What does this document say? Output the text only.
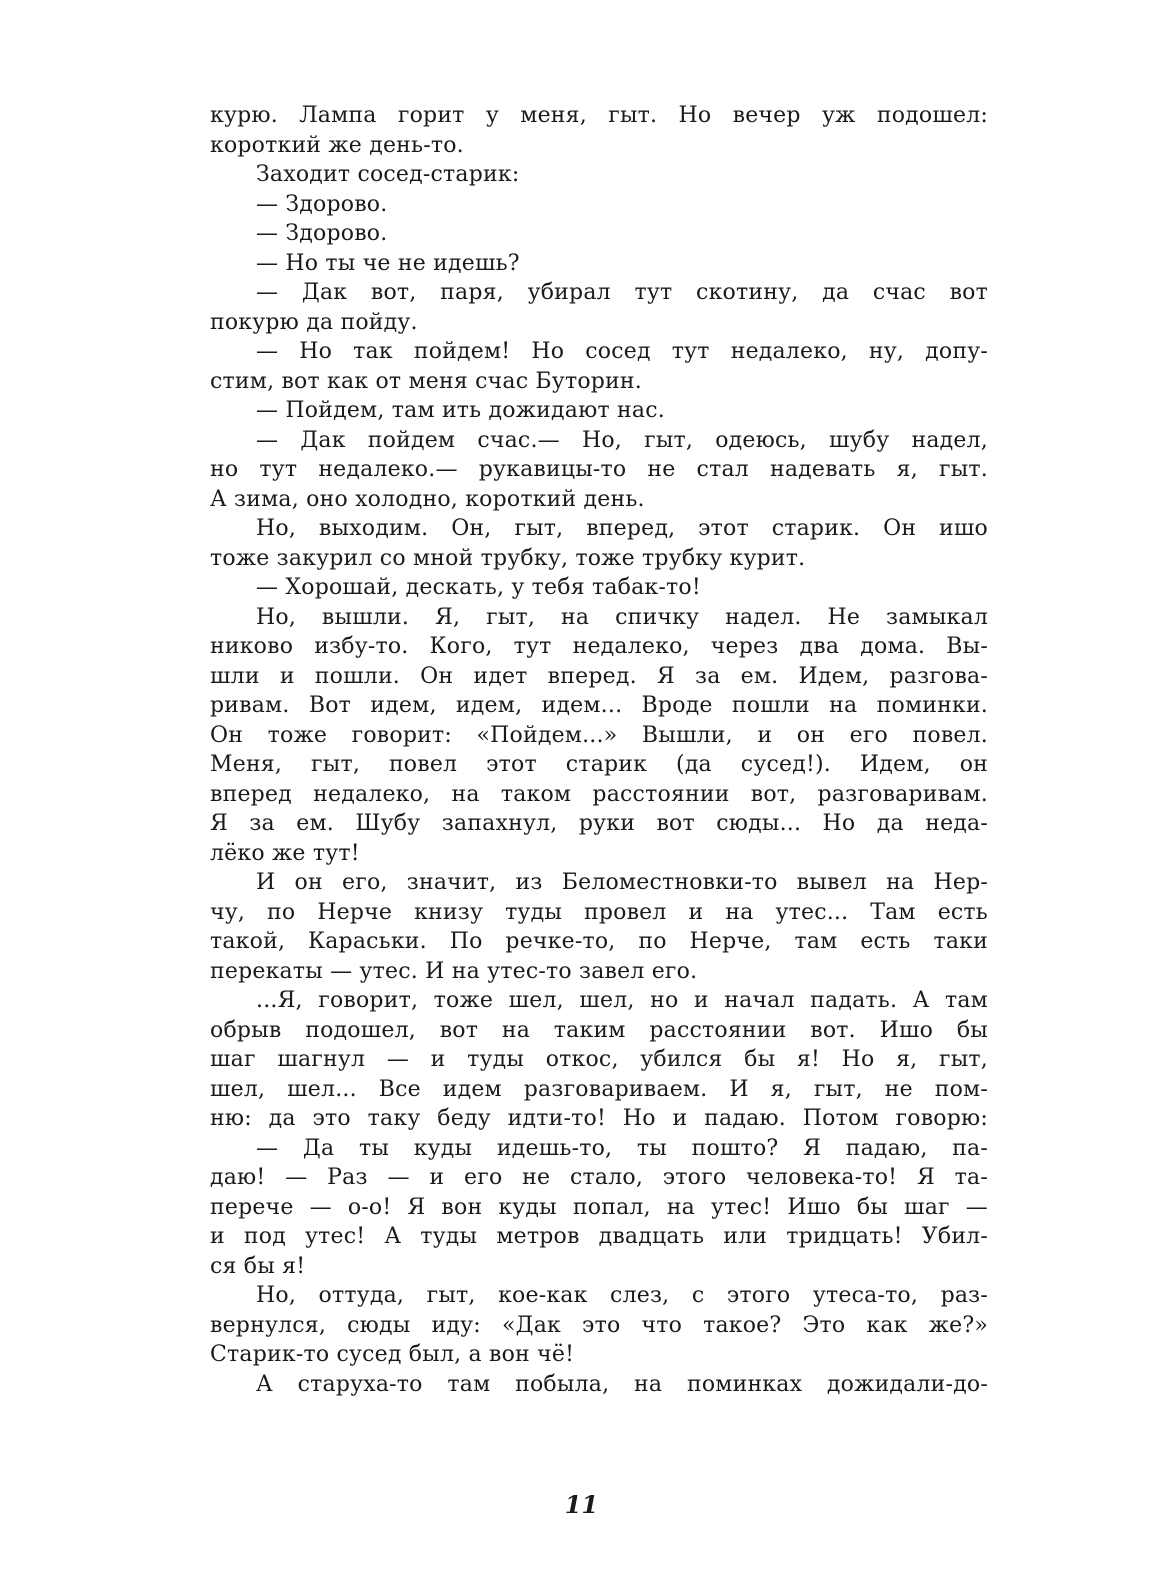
курю. Лампа горит у меня, гыт. Но вечер уж подошел:
короткий же день-то.
Заходит сосед-старик:
— Здорово.
— Здорово.
— Но ты че не идешь?
— Дак вот, паря, убирал тут скотину, да счас вот
покурю да пойду.
— Но так пойдем! Но сосед тут недалеко, ну, допу-
стим, вот как от меня счас Буторин.
— Пойдем, там ить дожидают нас.
— Дак пойдем счас.— Но, гыт, одеюсь, шубу надел,
но тут недалеко.— рукавицы-то не стал надевать я, гыт.
А зима, оно холодно, короткий день.
Но, выходим. Он, гыт, вперед, этот старик. Он ишо
тоже закурил со мной трубку, тоже трубку курит.
— Хорошай, дескать, у тебя табак-то!
Но, вышли. Я, гыт, на спичку надел. Не замыкал
никово избу-то. Кого, тут недалеко, через два дома. Вы-
шли и пошли. Он идет вперед. Я за ем. Идем, разгова-
ривам. Вот идем, идем, идем... Вроде пошли на поминки.
Он тоже говорит: «Пойдем...» Вышли, и он его повел.
Меня, гыт, повел этот старик (да сусед!). Идем, он
вперед недалеко, на таком расстоянии вот, разговаривам.
Я за ем. Шубу запахнул, руки вот сюды... Но да неда-
лёко же тут!
И он его, значит, из Беломестновки-то вывел на Нер-
чу, по Нерче книзу туды провел и на утес... Там есть
такой, Караськи. По речке-то, по Нерче, там есть таки
перекаты — утес. И на утес-то завел его.
...Я, говорит, тоже шел, шел, но и начал падать. А там
обрыв подошел, вот на таким расстоянии вот. Ишо бы
шаг шагнул — и туды откос, убился бы я! Но я, гыт,
шел, шел... Все идем разговариваем. И я, гыт, не пом-
ню: да это таку беду идти-то! Но и падаю. Потом говорю:
— Да ты куды идешь-то, ты пошто? Я падаю, па-
даю! — Раз — и его не стало, этого человека-то! Я та-
перече — о-о! Я вон куды попал, на утес! Ишо бы шаг —
и под утес! А туды метров двадцать или тридцать! Убил-
ся бы я!
Но, оттуда, гыт, кое-как слез, с этого утеса-то, раз-
вернулся, сюды иду: «Дак это что такое? Это как же?»
Старик-то сусед был, а вон чё!
А старуха-то там побыла, на поминках дожидали-до-
11
